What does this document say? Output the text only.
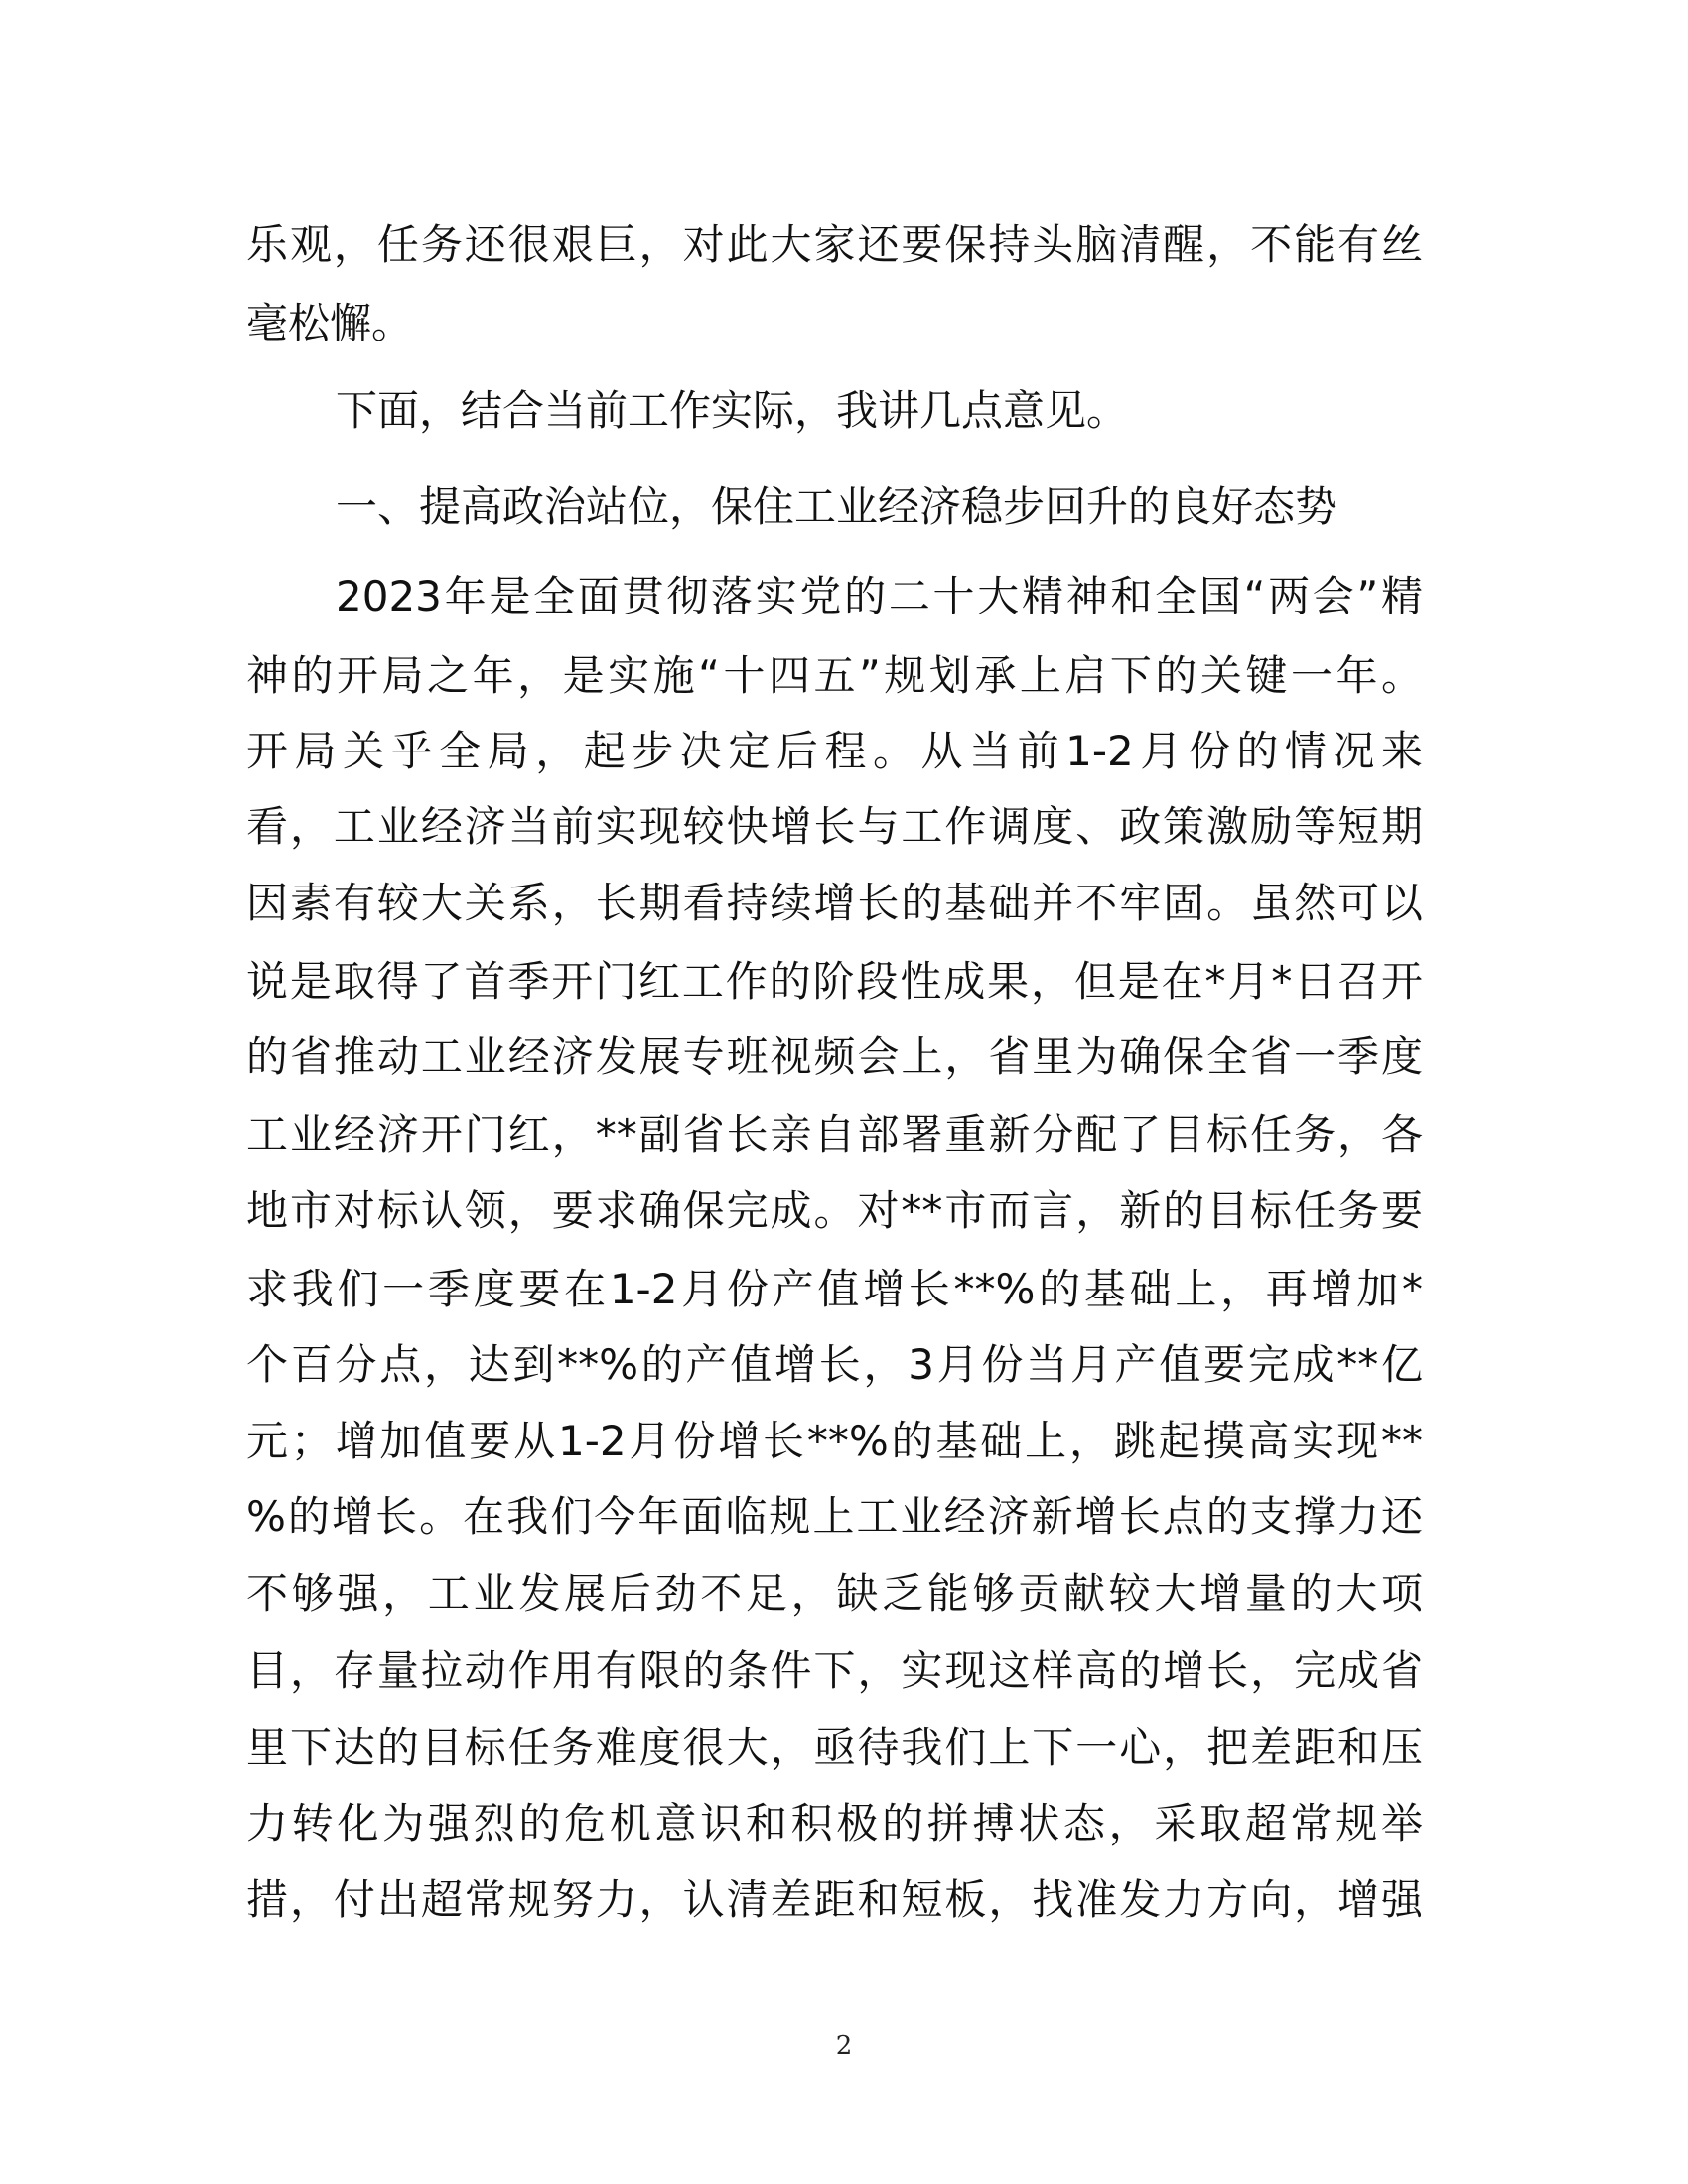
乐观，任务还很艰巨，对此大家还要保持头脑清醒，不能有丝
毫松懈。
下面，结合当前工作实际，我讲几点意见。
一、提高政治站位，保住工业经济稳步回升的良好态势
2023年是全面贯彻落实党的二十大精神和全国“两会”精
神的开局之年，是实施“十四五”规划承上启下的关键一年。
开局关乎全局，起步决定后程。从当前1-2月份的情况来
看，工业经济当前实现较快增长与工作调度、政策激励等短期
因素有较大关系，长期看持续增长的基础并不牢固。虽然可以
说是取得了首季开门红工作的阶段性成果，但是在*月*日召开
的省推动工业经济发展专班视频会上，省里为确保全省一季度
工业经济开门红，**副省长亲自部署重新分配了目标任务，各
地市对标认领，要求确保完成。对**市而言，新的目标任务要
求我们一季度要在1-2月份产值增长**%的基础上，再增加*
个百分点，达到**%的产值增长，3月份当月产值要完成**亿
元；增加值要从1-2月份增长**%的基础上，跳起摸高实现**
%的增长。在我们今年面临规上工业经济新增长点的支撑力还
不够强，工业发展后劲不足，缺乏能够贡献较大增量的大项
目，存量拉动作用有限的条件下，实现这样高的增长，完成省
里下达的目标任务难度很大，亟待我们上下一心，把差距和压
力转化为强烈的危机意识和积极的拼搏状态，采取超常规举
措，付出超常规努力，认清差距和短板，找准发力方向，增强
2
